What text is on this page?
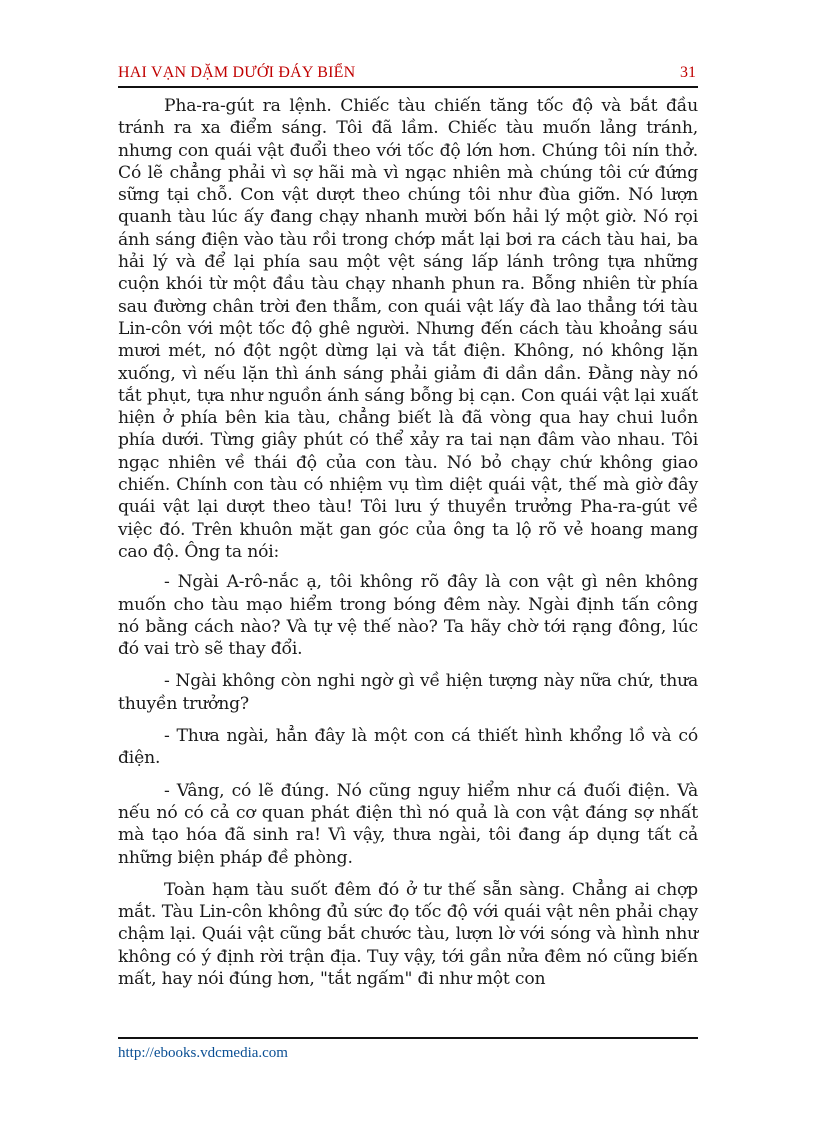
HAI VẠN DẶM DƯỚI ĐÁY BIỂN	31

Pha-ra-gút ra lệnh. Chiếc tàu chiến tăng tốc độ và bắt đầu tránh ra xa điểm sáng. Tôi đã lầm. Chiếc tàu muốn lảng tránh, nhưng con quái vật đuổi theo với tốc độ lớn hơn. Chúng tôi nín thở. Có lẽ chẳng phải vì sợ hãi mà vì ngạc nhiên mà chúng tôi cứ đứng sững tại chỗ. Con vật dượt theo chúng tôi như đùa giỡn. Nó lượn quanh tàu lúc ấy đang chạy nhanh mười bốn hải lý một giờ. Nó rọi ánh sáng điện vào tàu rồi trong chớp mắt lại bơi ra cách tàu hai, ba hải lý và để lại phía sau một vệt sáng lấp lánh trông tựa những cuộn khói từ một đầu tàu chạy nhanh phun ra. Bỗng nhiên từ phía sau đường chân trời đen thẫm, con quái vật lấy đà lao thẳng tới tàu Lin-côn với một tốc độ ghê người. Nhưng đến cách tàu khoảng sáu mươi mét, nó đột ngột dừng lại và tắt điện. Không, nó không lặn xuống, vì nếu lặn thì ánh sáng phải giảm đi dần dần. Đằng này nó tắt phụt, tựa như nguồn ánh sáng bỗng bị cạn. Con quái vật lại xuất hiện ở phía bên kia tàu, chẳng biết là đã vòng qua hay chui luồn phía dưới. Từng giây phút có thể xảy ra tai nạn đâm vào nhau. Tôi ngạc nhiên về thái độ của con tàu. Nó bỏ chạy chứ không giao chiến. Chính con tàu có nhiệm vụ tìm diệt quái vật, thế mà giờ đây quái vật lại dượt theo tàu! Tôi lưu ý thuyền trưởng Pha-ra-gút về việc đó. Trên khuôn mặt gan góc của ông ta lộ rõ vẻ hoang mang cao độ. Ông ta nói:

- Ngài A-rô-nắc ạ, tôi không rõ đây là con vật gì nên không muốn cho tàu mạo hiểm trong bóng đêm này. Ngài định tấn công nó bằng cách nào? Và tự vệ thế nào? Ta hãy chờ tới rạng đông, lúc đó vai trò sẽ thay đổi.

- Ngài không còn nghi ngờ gì về hiện tượng này nữa chứ, thưa thuyền trưởng?

- Thưa ngài, hẳn đây là một con cá thiết hình khổng lồ và có điện.

- Vâng, có lẽ đúng. Nó cũng nguy hiểm như cá đuối điện. Và nếu nó có cả cơ quan phát điện thì nó quả là con vật đáng sợ nhất mà tạo hóa đã sinh ra! Vì vậy, thưa ngài, tôi đang áp dụng tất cả những biện pháp đề phòng.

Toàn hạm tàu suốt đêm đó ở tư thế sẵn sàng. Chẳng ai chợp mắt. Tàu Lin-côn không đủ sức đọ tốc độ với quái vật nên phải chạy chậm lại. Quái vật cũng bắt chước tàu, lượn lờ với sóng và hình như không có ý định rời trận địa. Tuy vậy, tới gần nửa đêm nó cũng biến mất, hay nói đúng hơn, "tắt ngấm" đi như một con

http://ebooks.vdcmedia.com
